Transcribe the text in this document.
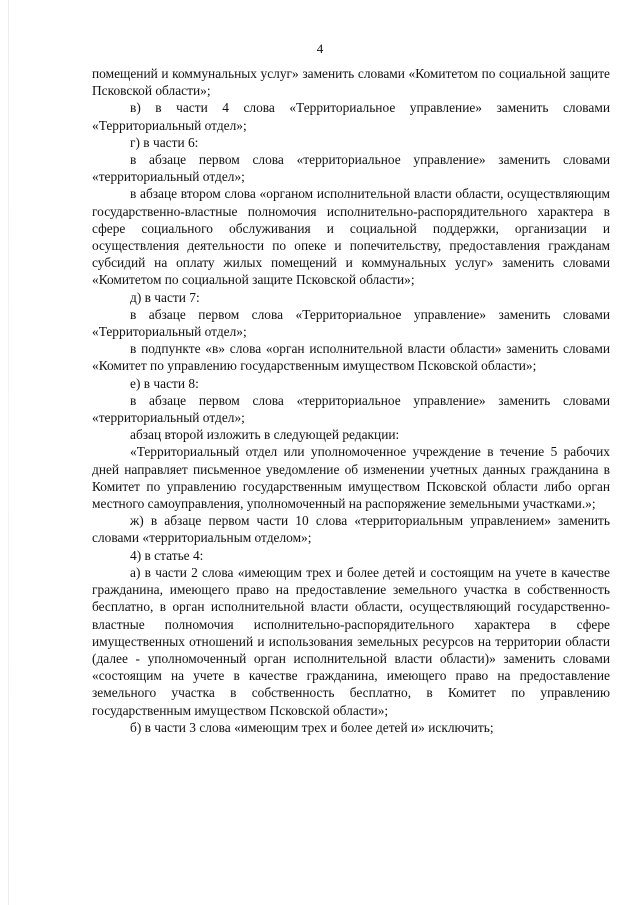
4

помещений и коммунальных услуг» заменить словами «Комитетом по социальной защите Псковской области»;

в) в части 4 слова «Территориальное управление» заменить словами «Территориальный отдел»;

г) в части 6:

в абзаце первом слова «территориальное управление» заменить словами «территориальный отдел»;

в абзаце втором слова «органом исполнительной власти области, осуществляющим государственно-властные полномочия исполнительно-распорядительного характера в сфере социального обслуживания и социальной поддержки, организации и осуществления деятельности по опеке и попечительству, предоставления гражданам субсидий на оплату жилых помещений и коммунальных услуг» заменить словами «Комитетом по социальной защите Псковской области»;

д) в части 7:

в абзаце первом слова «Территориальное управление» заменить словами «Территориальный отдел»;

в подпункте «в» слова «орган исполнительной власти области» заменить словами «Комитет по управлению государственным имуществом Псковской области»;

е) в части 8:

в абзаце первом слова «территориальное управление» заменить словами «территориальный отдел»;

абзац второй изложить в следующей редакции:

«Территориальный отдел или уполномоченное учреждение в течение 5 рабочих дней направляет письменное уведомление об изменении учетных данных гражданина в Комитет по управлению государственным имуществом Псковской области либо орган местного самоуправления, уполномоченный на распоряжение земельными участками.»;

ж) в абзаце первом части 10 слова «территориальным управлением» заменить словами «территориальным отделом»;

4) в статье 4:

а) в части 2 слова «имеющим трех и более детей и состоящим на учете в качестве гражданина, имеющего право на предоставление земельного участка в собственность бесплатно, в орган исполнительной власти области, осуществляющий государственно-властные полномочия исполнительно-распорядительного характера в сфере имущественных отношений и использования земельных ресурсов на территории области (далее - уполномоченный орган исполнительной власти области)» заменить словами «состоящим на учете в качестве гражданина, имеющего право на предоставление земельного участка в собственность бесплатно, в Комитет по управлению государственным имуществом Псковской области»;

б) в части 3 слова «имеющим трех и более детей и» исключить;
